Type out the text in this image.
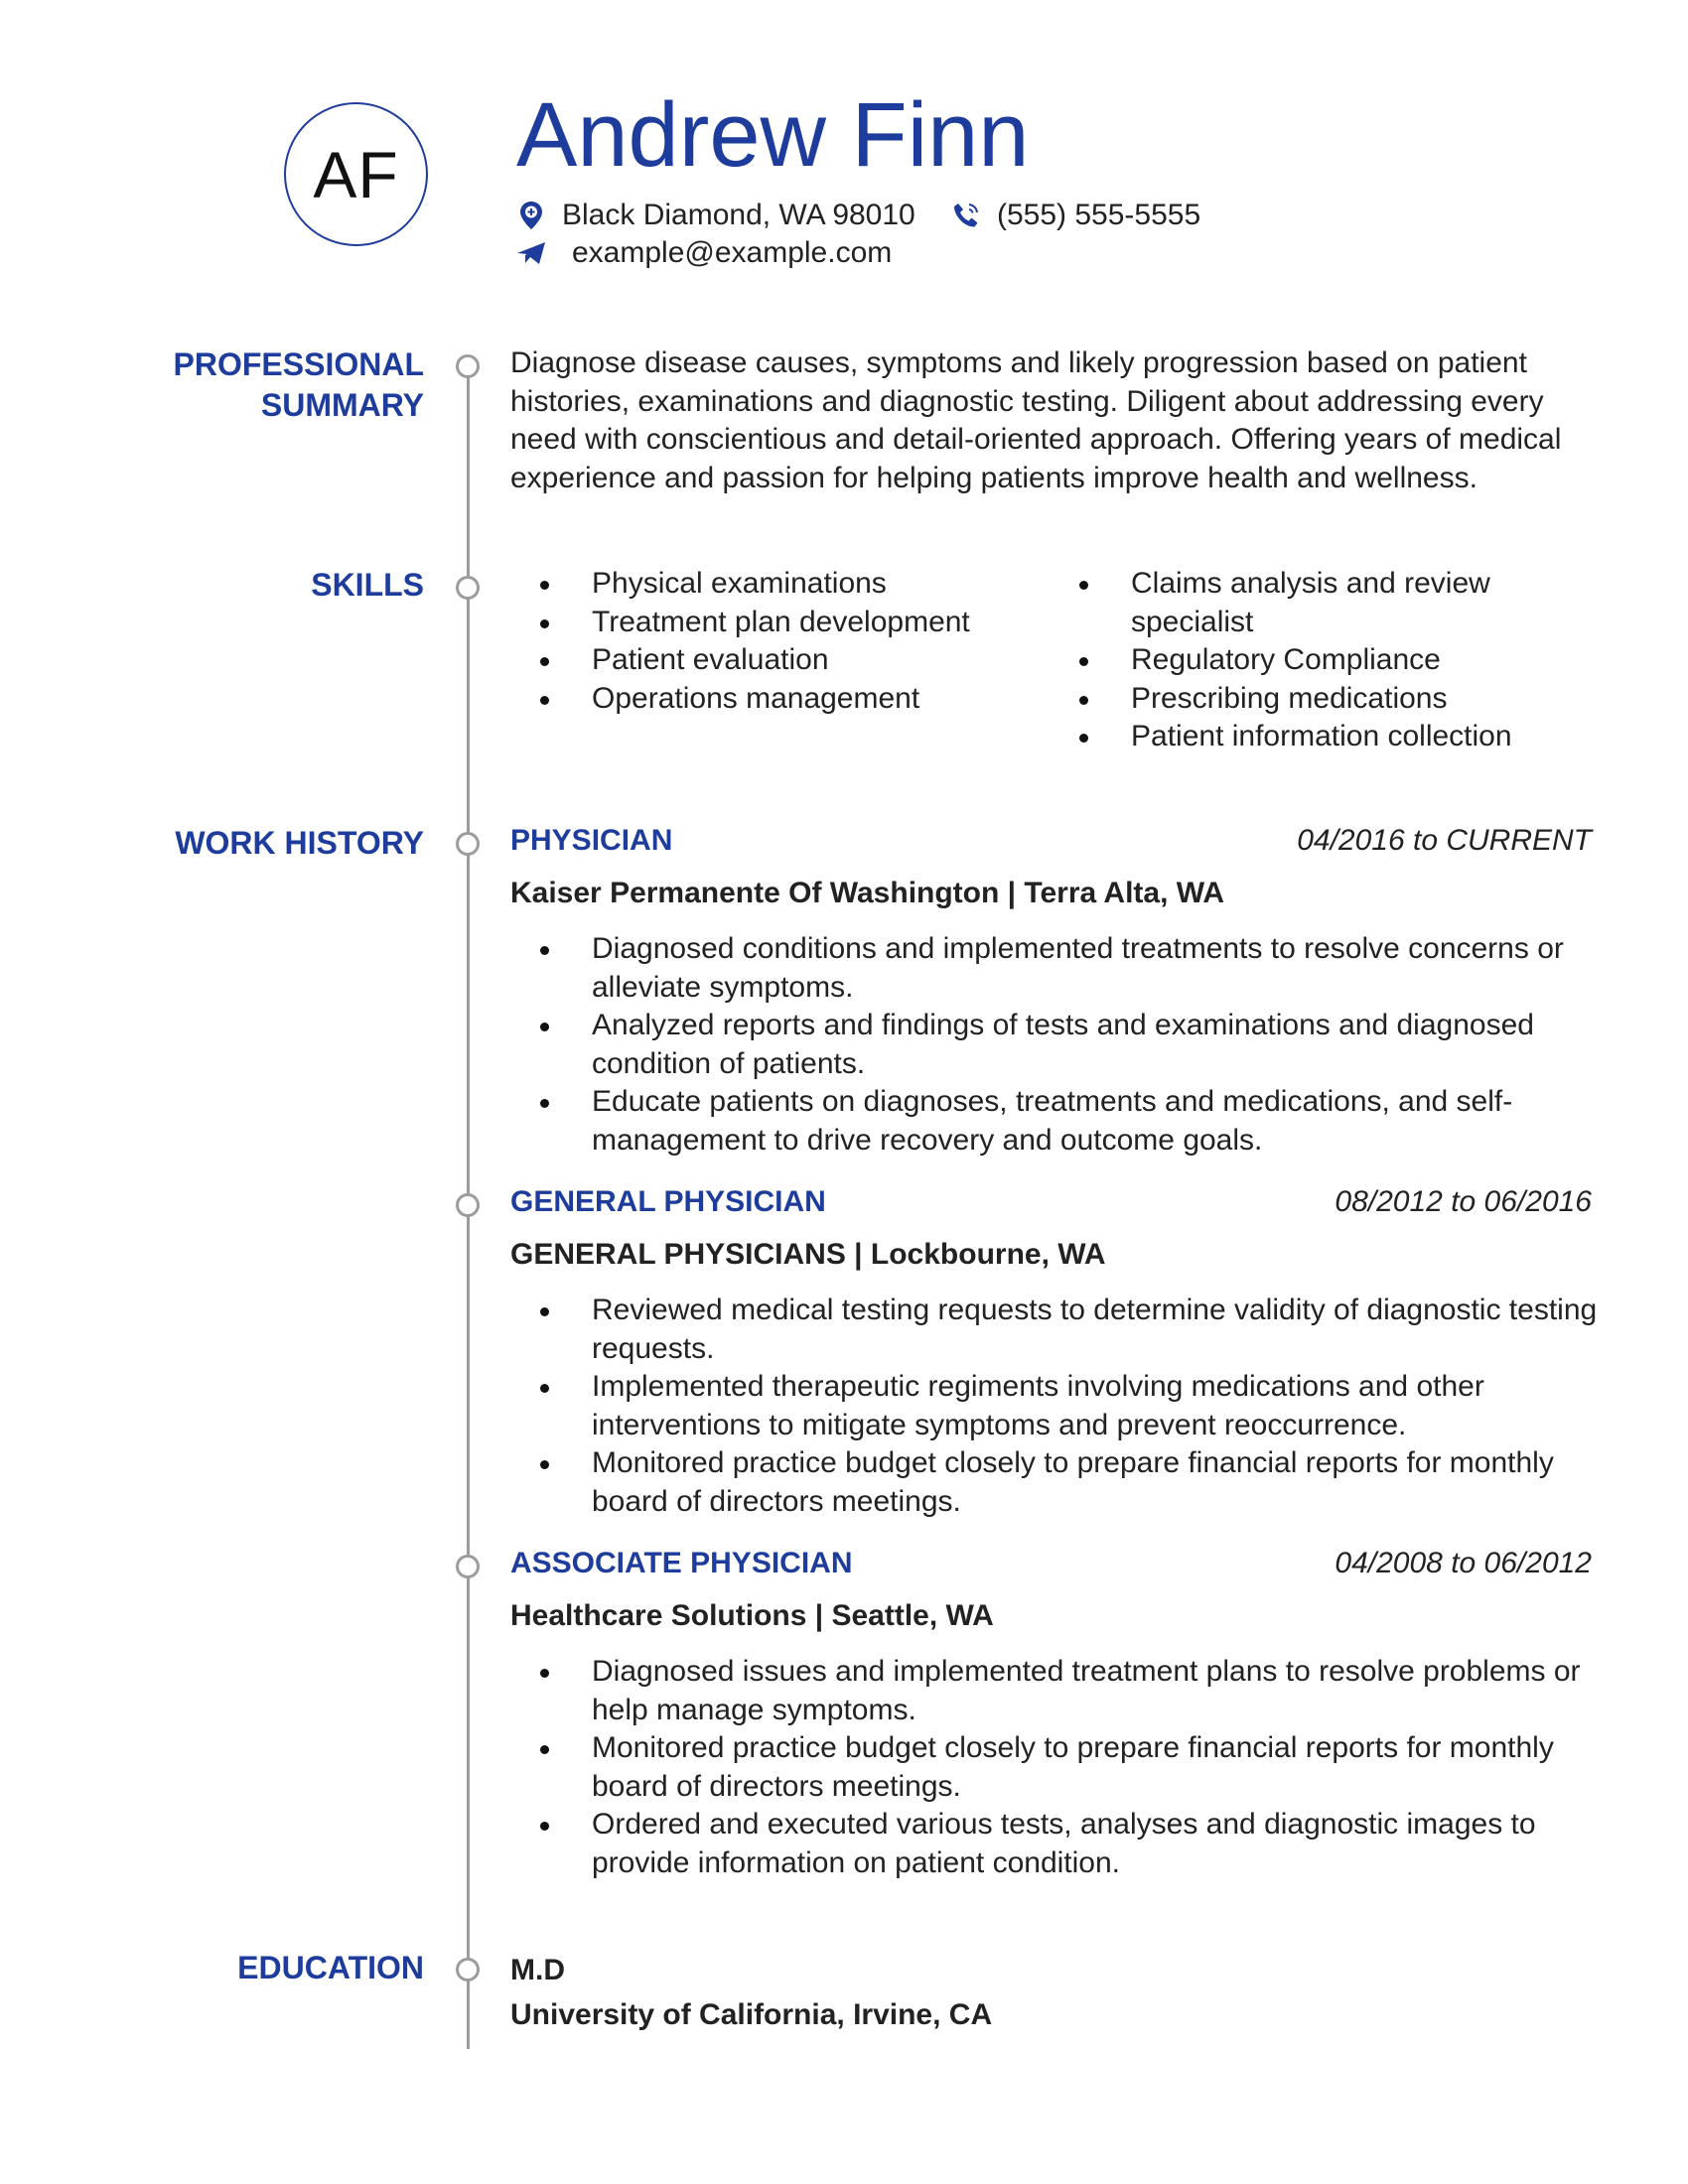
AF Andrew Finn
Black Diamond, WA 98010	(555) 555-5555
example@example.com
PROFESSIONAL
SUMMARY
Diagnose disease causes, symptoms and likely progression based on patient histories, examinations and diagnostic testing. Diligent about addressing every need with conscientious and detail-oriented approach. Offering years of medical experience and passion for helping patients improve health and wellness.
SKILLS	Physical examinations
Treatment plan development
Patient evaluation
Operations management
Claims analysis and review specialist
Regulatory Compliance
Prescribing medications
Patient information collection
WORK HISTORY	PHYSICIAN	04/2016 to CURRENT
Kaiser Permanente Of Washington | Terra Alta, WA
Diagnosed conditions and implemented treatments to resolve concerns or alleviate symptoms.
Analyzed reports and findings of tests and examinations and diagnosed condition of patients.
Educate patients on diagnoses, treatments and medications, and self-management to drive recovery and outcome goals.
GENERAL PHYSICIAN	08/2012 to 06/2016
GENERAL PHYSICIANS | Lockbourne, WA
Reviewed medical testing requests to determine validity of diagnostic testing requests.
Implemented therapeutic regiments involving medications and other interventions to mitigate symptoms and prevent reoccurrence.
Monitored practice budget closely to prepare financial reports for monthly board of directors meetings.
ASSOCIATE PHYSICIAN	04/2008 to 06/2012
Healthcare Solutions | Seattle, WA
Diagnosed issues and implemented treatment plans to resolve problems or help manage symptoms.
Monitored practice budget closely to prepare financial reports for monthly board of directors meetings.
Ordered and executed various tests, analyses and diagnostic images to provide information on patient condition.
EDUCATION	M.D
University of California, Irvine, CA
